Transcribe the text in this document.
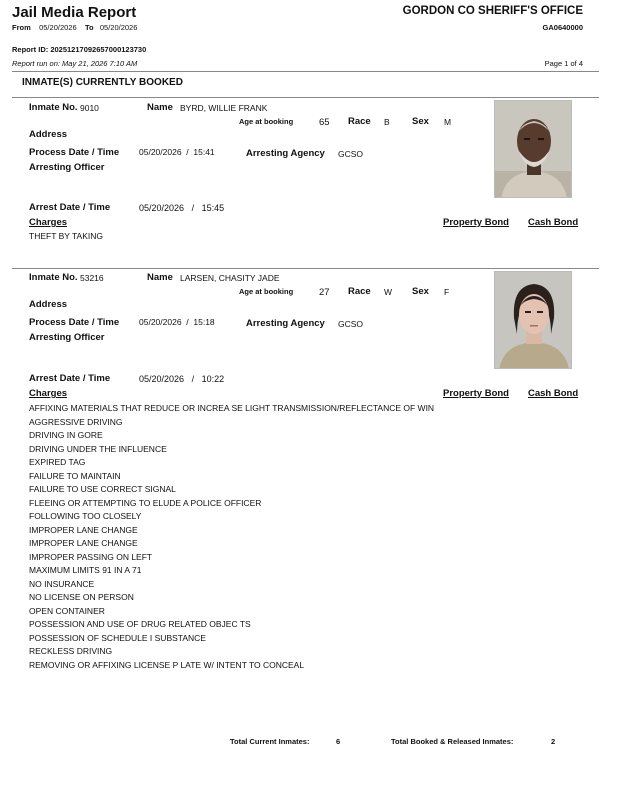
Jail Media Report
From 05/20/2026 To 05/20/2026
GORDON CO SHERIFF'S OFFICE
GA0640000
Report ID: 20251217092657000123730
Report run on: May 21, 2026 7:10 AM	Page 1 of 4
INMATE(S) CURRENTLY BOOKED
Inmate No. 9010	Name BYRD, WILLIE FRANK
Age at booking	65 Race B Sex M
Address
Process Date / Time 05/20/2026 / 15:41	Arresting Agency GCSO
Arresting Officer
Arrest Date / Time	05/20/2026 / 15:45
Charges	Property Bond Cash Bond
THEFT BY TAKING
Inmate No. 53216	Name LARSEN, CHASITY JADE
Age at booking	27 Race W Sex F
Address
Process Date / Time 05/20/2026 / 15:18	Arresting Agency GCSO
Arresting Officer
Arrest Date / Time	05/20/2026 / 10:22
Charges	Property Bond Cash Bond
AFFIXING MATERIALS THAT REDUCE OR INCREA SE LIGHT TRANSMISSION/REFLECTANCE OF WIN
AGGRESSIVE DRIVING
DRIVING IN GORE
DRIVING UNDER THE INFLUENCE
EXPIRED TAG
FAILURE TO MAINTAIN
FAILURE TO USE CORRECT SIGNAL
FLEEING OR ATTEMPTING TO ELUDE A POLICE OFFICER
FOLLOWING TOO CLOSELY
IMPROPER LANE CHANGE
IMPROPER LANE CHANGE
IMPROPER PASSING ON LEFT
MAXIMUM LIMITS 91 IN A 71
NO INSURANCE
NO LICENSE ON PERSON
OPEN CONTAINER
POSSESSION AND USE OF DRUG RELATED OBJEC TS
POSSESSION OF SCHEDULE I SUBSTANCE
RECKLESS DRIVING
REMOVING OR AFFIXING LICENSE P LATE W/ INTENT TO CONCEAL
Total Current Inmates:	6	Total Booked & Released Inmates:	2
